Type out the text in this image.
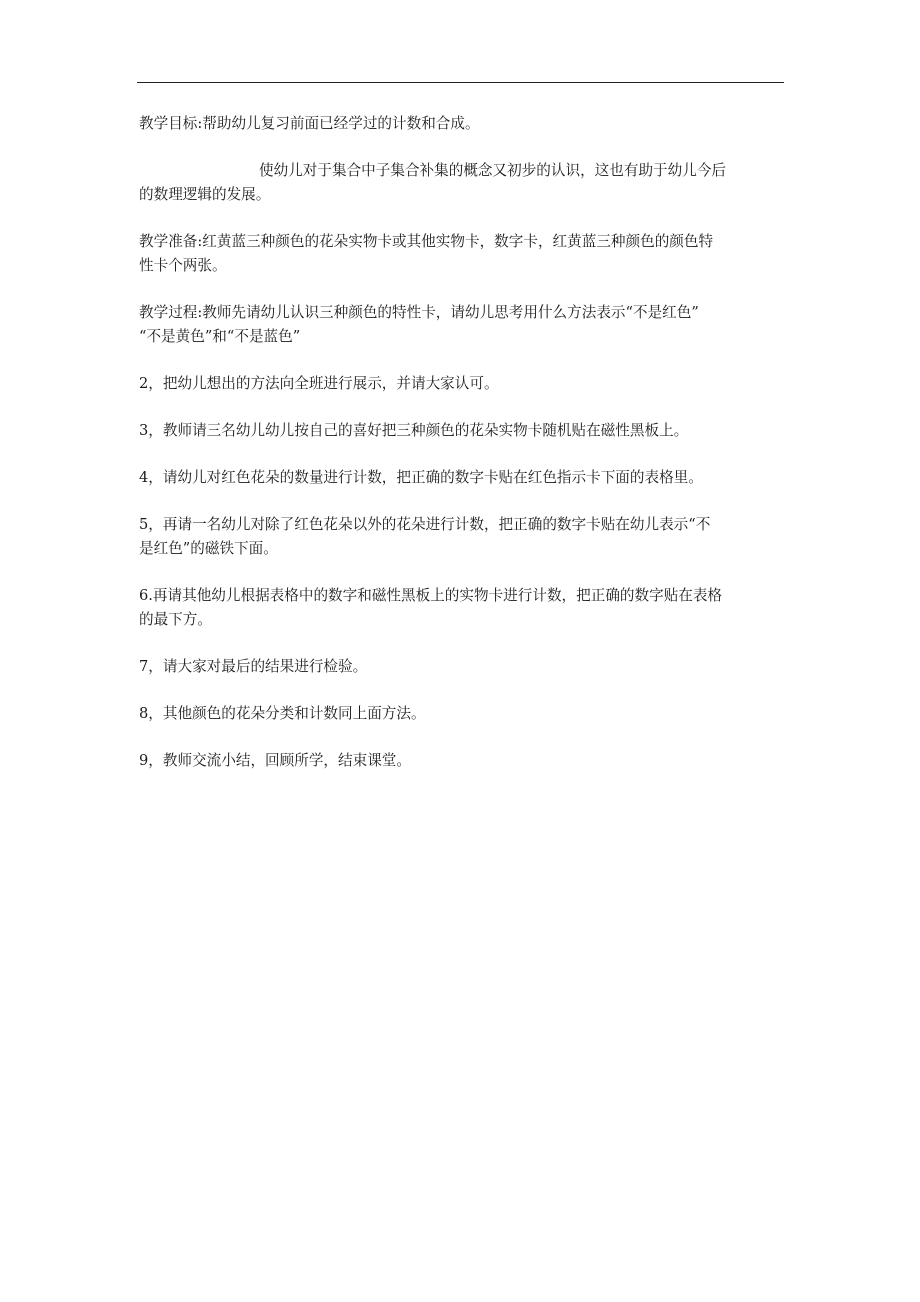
教学目标:帮助幼儿复习前面已经学过的计数和合成。

使幼儿对于集合中子集合补集的概念又初步的认识，这也有助于幼儿今后
的数理逻辑的发展。

教学准备:红黄蓝三种颜色的花朵实物卡或其他实物卡，数字卡，红黄蓝三种颜色的颜色特
性卡个两张。

教学过程:教师先请幼儿认识三种颜色的特性卡，请幼儿思考用什么方法表示“不是红色”
“不是黄色”和“不是蓝色”

2，把幼儿想出的方法向全班进行展示，并请大家认可。

3，教师请三名幼儿幼儿按自己的喜好把三种颜色的花朵实物卡随机贴在磁性黑板上。

4，请幼儿对红色花朵的数量进行计数，把正确的数字卡贴在红色指示卡下面的表格里。

5，再请一名幼儿对除了红色花朵以外的花朵进行计数，把正确的数字卡贴在幼儿表示“不
是红色”的磁铁下面。

6.再请其他幼儿根据表格中的数字和磁性黑板上的实物卡进行计数，把正确的数字贴在表格
的最下方。

7，请大家对最后的结果进行检验。

8，其他颜色的花朵分类和计数同上面方法。

9，教师交流小结，回顾所学，结束课堂。
